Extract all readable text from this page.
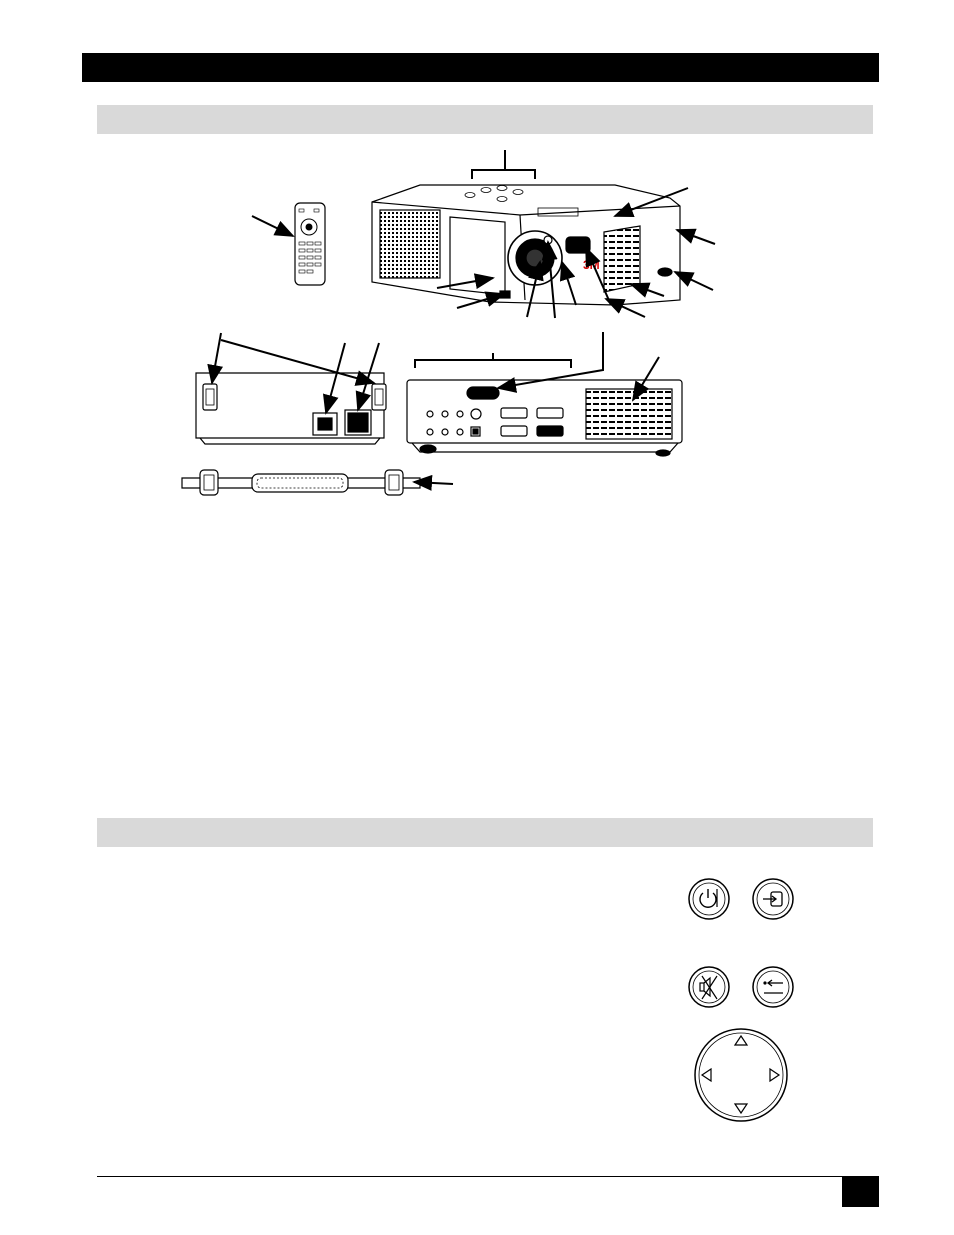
3M
